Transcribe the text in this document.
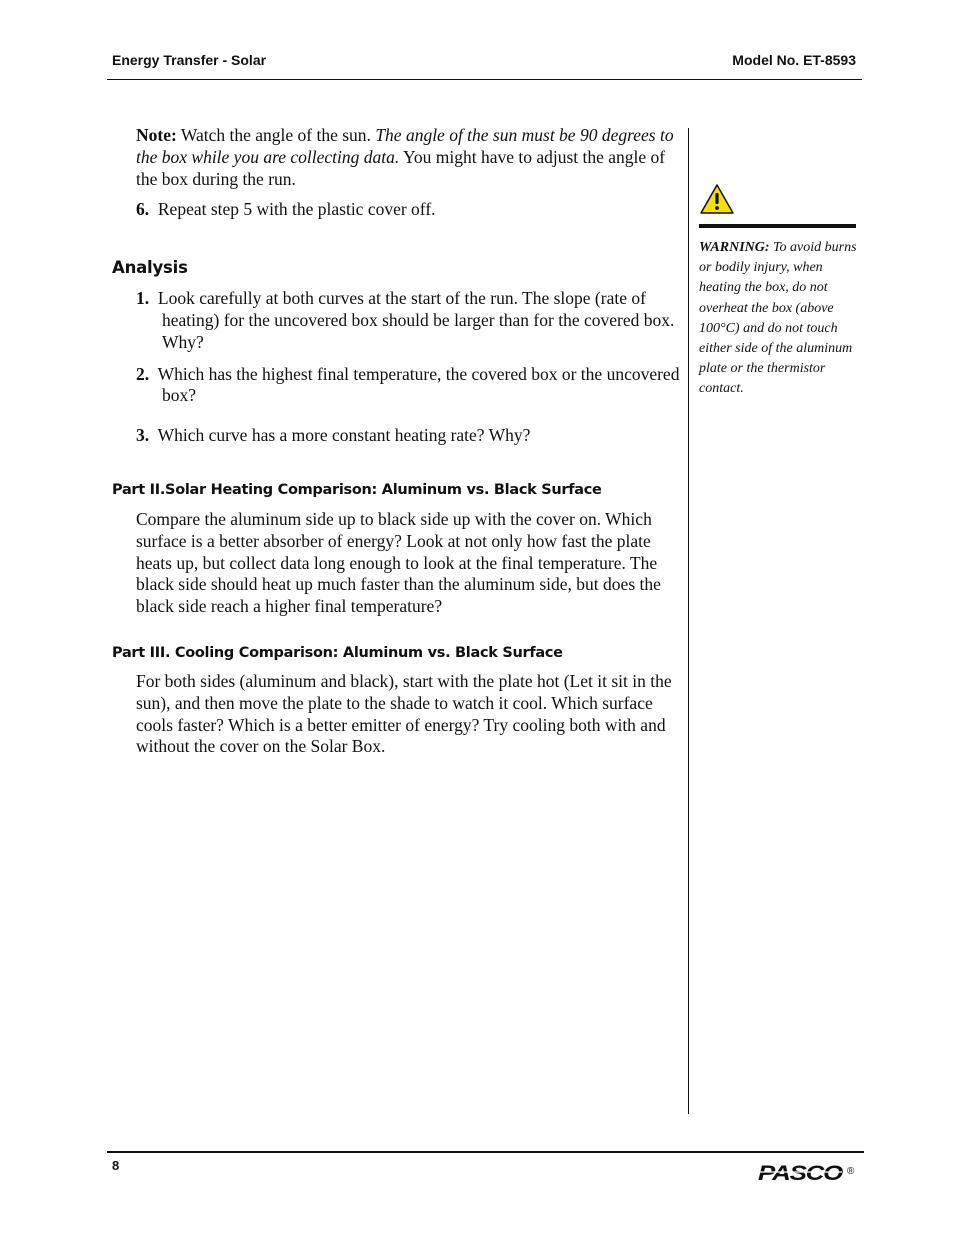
Energy Transfer - Solar	Model No. ET-8593

Note: Watch the angle of the sun. The angle of the sun must be 90 degrees to the box while you are collecting data. You might have to adjust the angle of the box during the run.

6. Repeat step 5 with the plastic cover off.

Analysis

1. Look carefully at both curves at the start of the run. The slope (rate of heating) for the uncovered box should be larger than for the covered box. Why?

2. Which has the highest final temperature, the covered box or the uncovered box?

3. Which curve has a more constant heating rate? Why?

Part II.Solar Heating Comparison: Aluminum vs. Black Surface

Compare the aluminum side up to black side up with the cover on. Which surface is a better absorber of energy? Look at not only how fast the plate heats up, but collect data long enough to look at the final temperature. The black side should heat up much faster than the aluminum side, but does the black side reach a higher final temperature?

Part III. Cooling Comparison: Aluminum vs. Black Surface

For both sides (aluminum and black), start with the plate hot (Let it sit in the sun), and then move the plate to the shade to watch it cool. Which surface cools faster? Which is a better emitter of energy? Try cooling both with and without the cover on the Solar Box.

WARNING: To avoid burns or bodily injury, when heating the box, do not overheat the box (above 100°C) and do not touch either side of the aluminum plate or the thermistor contact.
8	PASCO ®
